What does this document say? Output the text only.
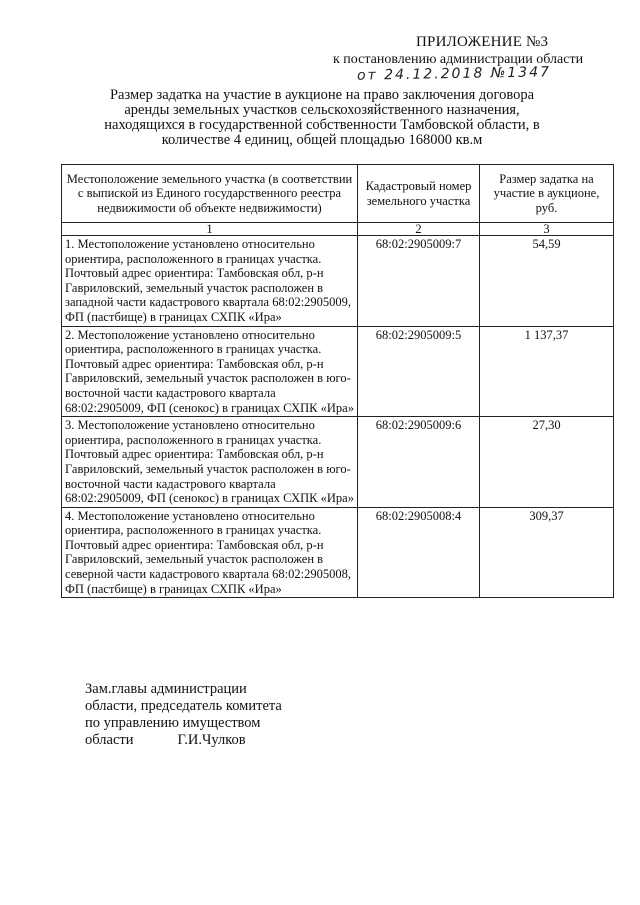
ПРИЛОЖЕНИЕ №3
к постановлению администрации области
от 24.12.2018 №1347
Размер задатка на участие в аукционе на право заключения договора аренды земельных участков сельскохозяйственного назначения, находящихся в государственной собственности Тамбовской области, в количестве 4 единиц, общей площадью 168000 кв.м
Местоположение земельного участка (в соответствии с выпиской из Единого государственного реестра недвижимости об объекте недвижимости)	Кадастровый номер земельного участка	Размер задатка на участие в аукционе, руб.
1	2	3
1. Местоположение установлено относительно ориентира, расположенного в границах участка. Почтовый адрес ориентира: Тамбовская обл, р-н Гавриловский, земельный участок расположен в западной части кадастрового квартала 68:02:2905009, ФП (пастбище) в границах СХПК «Ира»	68:02:2905009:7	54,59
2. Местоположение установлено относительно ориентира, расположенного в границах участка. Почтовый адрес ориентира: Тамбовская обл, р-н Гавриловский, земельный участок расположен в юго-восточной части кадастрового квартала 68:02:2905009, ФП (сенокос) в границах СХПК «Ира»	68:02:2905009:5	1 137,37
3. Местоположение установлено относительно ориентира, расположенного в границах участка. Почтовый адрес ориентира: Тамбовская обл, р-н Гавриловский, земельный участок расположен в юго-восточной части кадастрового квартала 68:02:2905009, ФП (сенокос) в границах СХПК «Ира»	68:02:2905009:6	27,30
4. Местоположение установлено относительно ориентира, расположенного в границах участка. Почтовый адрес ориентира: Тамбовская обл, р-н Гавриловский, земельный участок расположен в северной части кадастрового квартала 68:02:2905008, ФП (пастбище) в границах СХПК «Ира»	68:02:2905008:4	309,37
Зам.главы администрации
области, председатель комитета
по управлению имуществом
области	Г.И.Чулков
